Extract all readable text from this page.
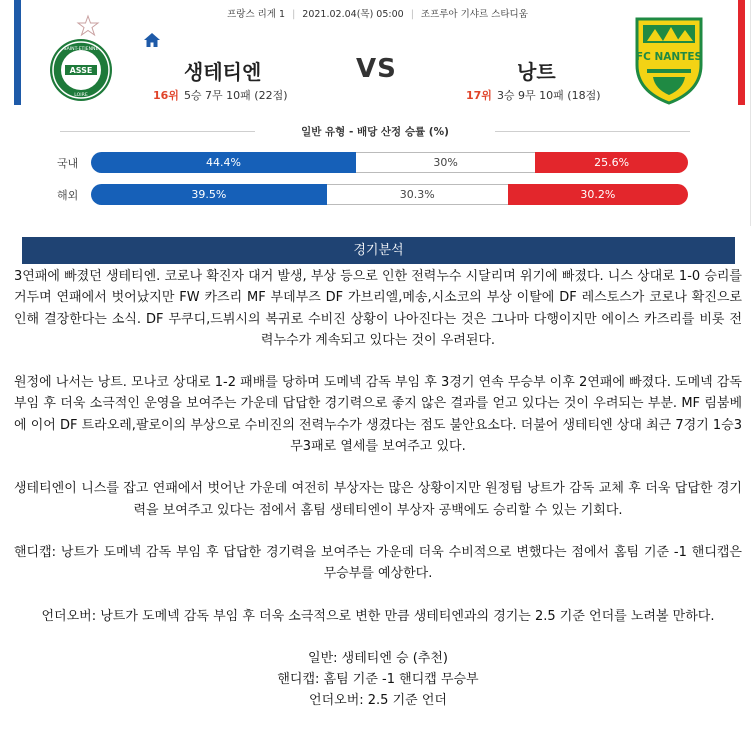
프랑스 리게 1 | 2021.02.04(목) 05:00 | 조프루아 기샤르 스타디움
ASSE
SAINT-ETIENNE
LOIRE
FC NANTES
생테티엔	VS	낭트
16위 5승 7무 10패 (22점)	17위 3승 9무 10패 (18점)
일반 유형 - 배당 산정 승률 (%)
국내	44.4%	30%	25.6%
해외	39.5%	30.3%	30.2%
경기분석

3연패에 빠졌던 생테티엔. 코로나 확진자 대거 발생, 부상 등으로 인한 전력누수 시달리며 위기에 빠졌다. 니스 상대로 1-0 승리를 거두며 연패에서 벗어났지만 FW 카즈리 MF 부데부즈 DF 가브리엘,메송,시소코의 부상 이탈에 DF 레스토스가 코로나 확진으로 인해 결장한다는 소식. DF 무쿠디,드뷔시의 복귀로 수비진 상황이 나아진다는 것은 그나마 다행이지만 에이스 카즈리를 비롯 전력누수가 계속되고 있다는 것이 우려된다.

원정에 나서는 낭트. 모나코 상대로 1-2 패배를 당하며 도메넥 감독 부임 후 3경기 연속 무승부 이후 2연패에 빠졌다. 도메넥 감독 부임 후 더욱 소극적인 운영을 보여주는 가운데 답답한 경기력으로 좋지 않은 결과를 얻고 있다는 것이 우려되는 부분. MF 림붐베에 이어 DF 트라오레,팔로이의 부상으로 수비진의 전력누수가 생겼다는 점도 불안요소다. 더불어 생테티엔 상대 최근 7경기 1승3무3패로 열세를 보여주고 있다.

생테티엔이 니스를 잡고 연패에서 벗어난 가운데 여전히 부상자는 많은 상황이지만 원정팀 낭트가 감독 교체 후 더욱 답답한 경기력을 보여주고 있다는 점에서 홈팀 생테티엔이 부상자 공백에도 승리할 수 있는 기회다.

핸디캡: 낭트가 도메넥 감독 부임 후 답답한 경기력을 보여주는 가운데 더욱 수비적으로 변했다는 점에서 홈팀 기준 -1 핸디캡은 무승부를 예상한다.

언더오버: 낭트가 도메넥 감독 부임 후 더욱 소극적으로 변한 만큼 생테티엔과의 경기는 2.5 기준 언더를 노려볼 만하다.

일반: 생테티엔 승 (추천)
핸디캡: 홈팀 기준 -1 핸디캡 무승부
언더오버: 2.5 기준 언더
